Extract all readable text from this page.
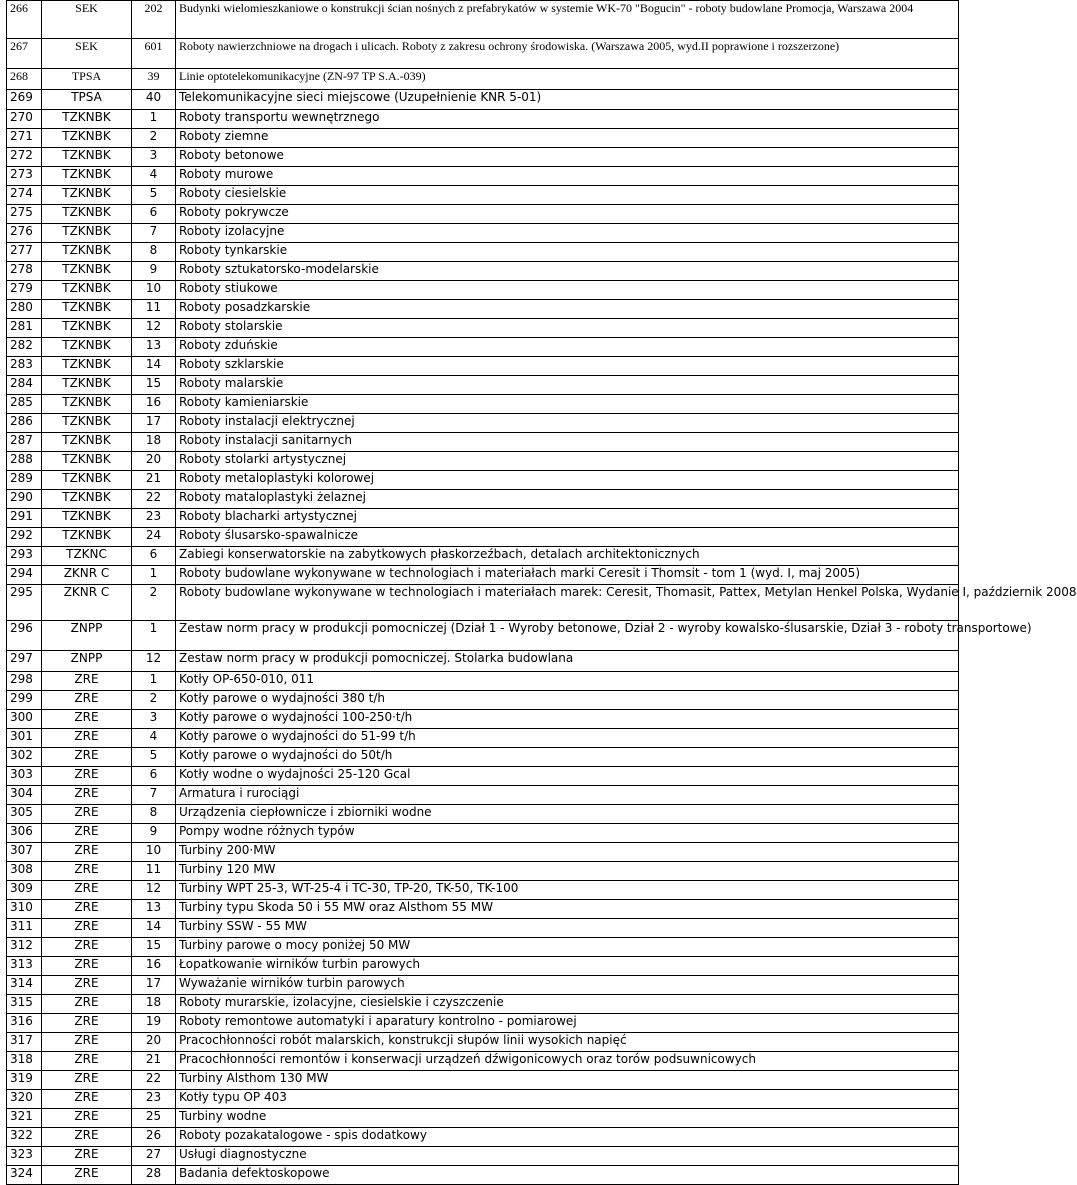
266	SEK	202	Budynki wielomieszkaniowe o konstrukcji ścian nośnych z prefabrykatów w systemie WK-70 "Bogucin" - roboty budowlane Promocja, Warszawa 2004
267	SEK	601	Roboty nawierzchniowe na drogach i ulicach. Roboty z zakresu ochrony środowiska. (Warszawa 2005, wyd.II poprawione i rozszerzone)
268	TPSA	39	Linie optotelekomunikacyjne (ZN-97 TP S.A.-039)
269	TPSA	40	Telekomunikacyjne sieci miejscowe (Uzupełnienie KNR 5-01)
270	TZKNBK	1	Roboty transportu wewnętrznego
271	TZKNBK	2	Roboty ziemne
272	TZKNBK	3	Roboty betonowe
273	TZKNBK	4	Roboty murowe
274	TZKNBK	5	Roboty ciesielskie
275	TZKNBK	6	Roboty pokrywcze
276	TZKNBK	7	Roboty izolacyjne
277	TZKNBK	8	Roboty tynkarskie
278	TZKNBK	9	Roboty sztukatorsko-modelarskie
279	TZKNBK	10	Roboty stiukowe
280	TZKNBK	11	Roboty posadzkarskie
281	TZKNBK	12	Roboty stolarskie
282	TZKNBK	13	Roboty zduńskie
283	TZKNBK	14	Roboty szklarskie
284	TZKNBK	15	Roboty malarskie
285	TZKNBK	16	Roboty kamieniarskie
286	TZKNBK	17	Roboty instalacji elektrycznej
287	TZKNBK	18	Roboty instalacji sanitarnych
288	TZKNBK	20	Roboty stolarki artystycznej
289	TZKNBK	21	Roboty metaloplastyki kolorowej
290	TZKNBK	22	Roboty mataloplastyki żelaznej
291	TZKNBK	23	Roboty blacharki artystycznej
292	TZKNBK	24	Roboty ślusarsko-spawalnicze
293	TZKNC	6	Zabiegi konserwatorskie na zabytkowych płaskorzeźbach, detalach architektonicznych
294	ZKNR C	1	Roboty budowlane wykonywane w technologiach i materiałach marki Ceresit i Thomsit - tom 1 (wyd. I, maj 2005)
295	ZKNR C	2	Roboty budowlane wykonywane w technologiach i materiałach marek: Ceresit, Thomasit, Pattex, Metylan Henkel Polska, Wydanie I, październik 2008
296	ZNPP	1	Zestaw norm pracy w produkcji pomocniczej (Dział 1 - Wyroby betonowe, Dział 2 - wyroby kowalsko-ślusarskie, Dział 3 - roboty transportowe)
297	ZNPP	12	Zestaw norm pracy w produkcji pomocniczej. Stolarka budowlana
298	ZRE	1	Kotły OP-650-010, 011
299	ZRE	2	Kotły parowe o wydajności 380 t/h
300	ZRE	3	Kotły parowe o wydajności 100-250·t/h
301	ZRE	4	Kotły parowe o wydajności do 51-99 t/h
302	ZRE	5	Kotły parowe o wydajności do 50t/h
303	ZRE	6	Kotły wodne o wydajności 25-120 Gcal
304	ZRE	7	Armatura i rurociągi
305	ZRE	8	Urządzenia ciepłownicze i zbiorniki wodne
306	ZRE	9	Pompy wodne różnych typów
307	ZRE	10	Turbiny 200·MW
308	ZRE	11	Turbiny 120 MW
309	ZRE	12	Turbiny WPT 25-3, WT-25-4 i TC-30, TP-20, TK-50, TK-100
310	ZRE	13	Turbiny typu Skoda 50 i 55 MW oraz Alsthom 55 MW
311	ZRE	14	Turbiny SSW - 55 MW
312	ZRE	15	Turbiny parowe o mocy poniżej 50 MW
313	ZRE	16	Łopatkowanie wirników turbin parowych
314	ZRE	17	Wyważanie wirników turbin parowych
315	ZRE	18	Roboty murarskie, izolacyjne, ciesielskie i czyszczenie
316	ZRE	19	Roboty remontowe automatyki i aparatury kontrolno - pomiarowej
317	ZRE	20	Pracochłonności robót malarskich, konstrukcji słupów linii wysokich napięć
318	ZRE	21	Pracochłonności remontów i konserwacji urządzeń dźwigonicowych oraz torów podsuwnicowych
319	ZRE	22	Turbiny Alsthom 130 MW
320	ZRE	23	Kotły typu OP 403
321	ZRE	25	Turbiny wodne
322	ZRE	26	Roboty pozakatalogowe - spis dodatkowy
323	ZRE	27	Usługi diagnostyczne
324	ZRE	28	Badania defektoskopowe
